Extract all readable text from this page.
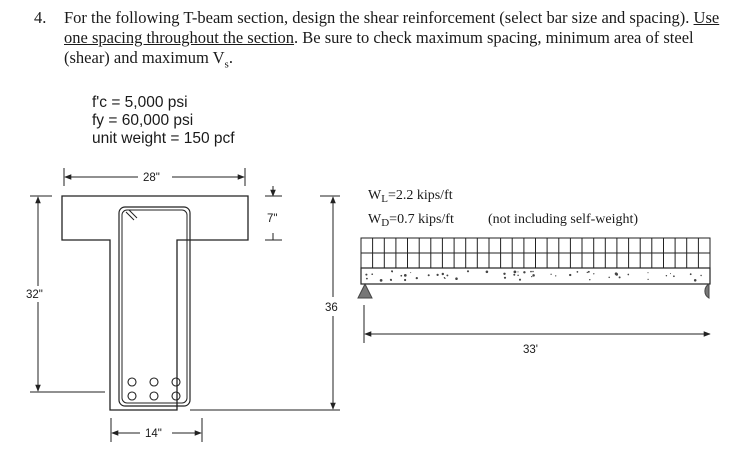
4. For the following T-beam section, design the shear reinforcement (select bar size and spacing). Use one spacing throughout the section. Be sure to check maximum spacing, minimum area of steel (shear) and maximum $V_s$.
f'c = 5,000 psi
fy = 60,000 psi
unit weight = 150 pcf
28"
7"
32"
36
14"
$W_L=2.2$ kips/ft
$W_D=0.7$ kips/ft (not including self-weight)
33'
